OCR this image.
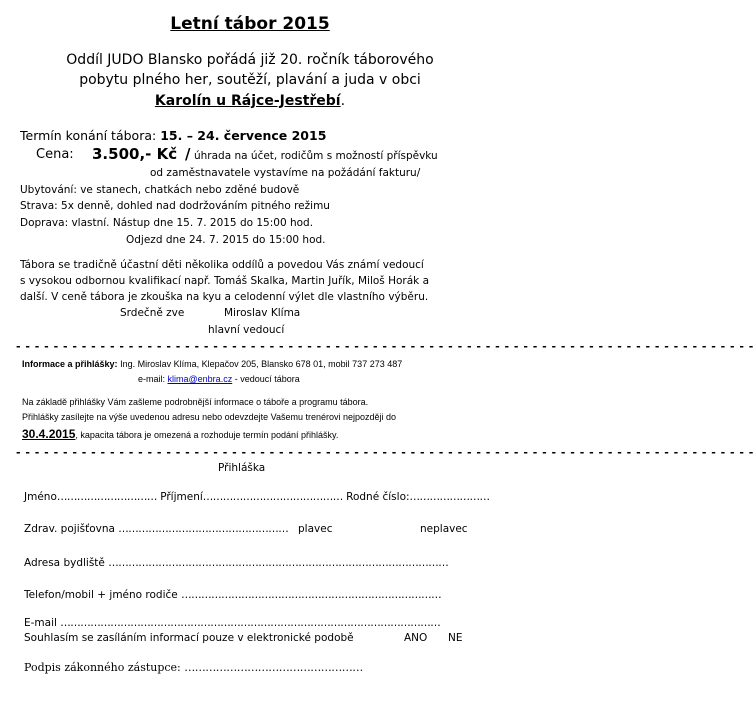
Letní tábor 2015
Oddíl JUDO Blansko pořádá již 20. ročník táborového
pobytu plného her, soutěží, plavání a juda v obci
Karolín u Rájce-Jestřebí.
Termín konání tábora: 15. – 24. července 2015
Cena: 3.500,- Kč / úhrada na účet, rodičům s možností příspěvku
od zaměstnavatele vystavíme na požádání fakturu/
Ubytování: ve stanech, chatkách nebo zděné budově
Strava: 5x denně, dohled nad dodržováním pitného režimu
Doprava: vlastní. Nástup dne 15. 7. 2015 do 15:00 hod.
Odjezd dne 24. 7. 2015 do 15:00 hod.
Tábora se tradičně účastní děti několika oddílů a povedou Vás známí vedoucí
s vysokou odbornou kvalifikací např. Tomáš Skalka, Martin Juřík, Miloš Horák a
další. V ceně tábora je zkouška na kyu a celodenní výlet dle vlastního výběru.
Srdečně zve	Miroslav Klíma
hlavní vedoucí
- - - - - - - - - - - - - - - - - - - - - - - - - - - - - - - - - - - - - - - - - - - - - - - - - - - - - - - - - - - - - - - - - - - - - - - - - - - - - - -
Informace a přihlášky: Ing. Miroslav Klíma, Klepačov 205, Blansko 678 01, mobil 737 273 487
e-mail: klima@enbra.cz - vedoucí tábora
Na základě přihlášky Vám zašleme podrobnější informace o táboře a programu tábora.
Přihlášky zasílejte na výše uvedenou adresu nebo odevzdejte Vašemu trenérovi nejpozději do
30.4.2015, kapacita tábora je omezená a rozhoduje termín podání přihlášky.
- - - - - - - - - - - - - - - - - - - - - - - - - - - - - - - - - - - - - - - - - - - - - - - - - - - - - - - - - - - - - - - - - - - - - - - - - - - - - - -
Přihláška
Jméno………………………… Příjmení…………………………………… Rodné číslo:……………………
Zdrav. pojišťovna …………………………………………… plavec	neplavec
Adresa bydliště …………………………………………………………………………………………
Telefon/mobil + jméno rodiče ……………………………………………………………………
E-mail ……………………………………………………………………………………………………
Souhlasím se zasíláním informací pouze v elektronické podobě	ANO NE
Podpis zákonného zástupce: ……………………………………………
